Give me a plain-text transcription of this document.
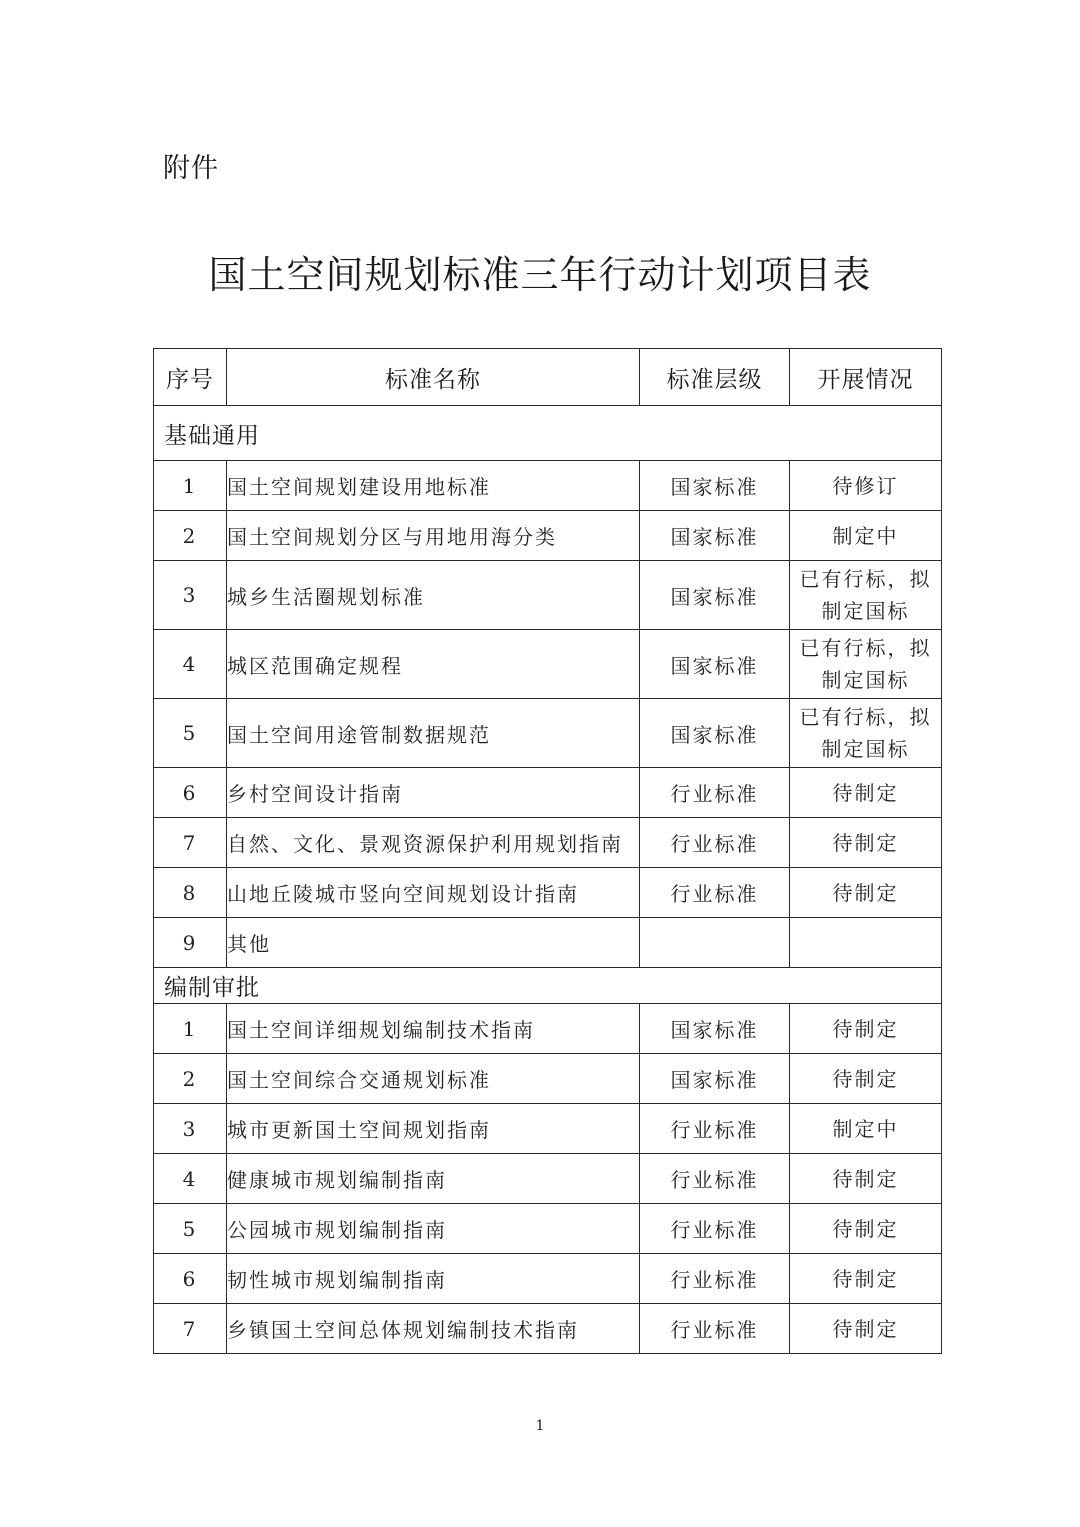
附件
国土空间规划标准三年行动计划项目表
序号	标准名称	标准层级	开展情况
基础通用			
1	国土空间规划建设用地标准	国家标准	待修订
2	国土空间规划分区与用地用海分类	国家标准	制定中
3	城乡生活圈规划标准	国家标准	已有行标，拟制定国标
4	城区范围确定规程	国家标准	已有行标，拟制定国标
5	国土空间用途管制数据规范	国家标准	已有行标，拟制定国标
6	乡村空间设计指南	行业标准	待制定
7	自然、文化、景观资源保护利用规划指南	行业标准	待制定
8	山地丘陵城市竖向空间规划设计指南	行业标准	待制定
9	其他		
编制审批			
1	国土空间详细规划编制技术指南	国家标准	待制定
2	国土空间综合交通规划标准	国家标准	待制定
3	城市更新国土空间规划指南	行业标准	制定中
4	健康城市规划编制指南	行业标准	待制定
5	公园城市规划编制指南	行业标准	待制定
6	韧性城市规划编制指南	行业标准	待制定
7	乡镇国土空间总体规划编制技术指南	行业标准	待制定
1
